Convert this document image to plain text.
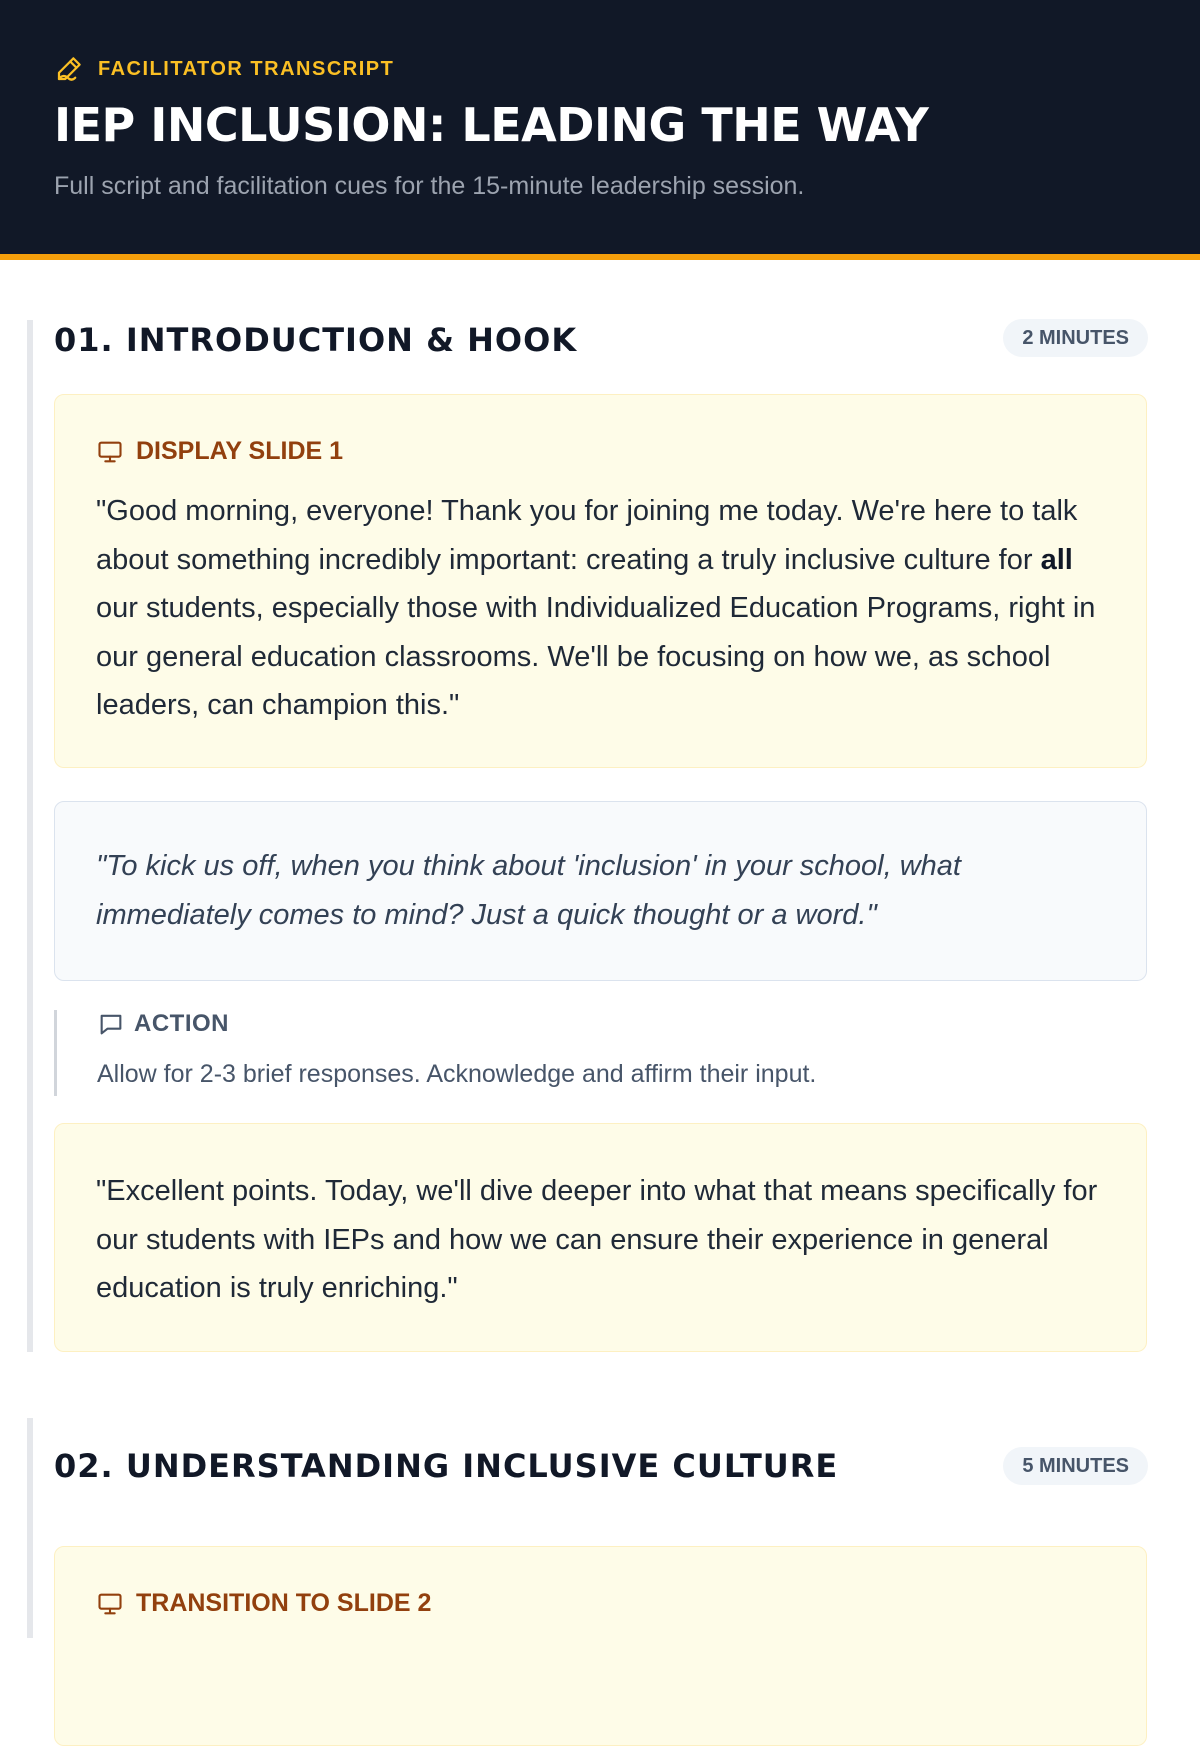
FACILITATOR TRANSCRIPT
IEP INCLUSION: LEADING THE WAY

Full script and facilitation cues for the 15-minute leadership session.

01. INTRODUCTION & HOOK	2 MINUTES
DISPLAY SLIDE 1

"Good morning, everyone! Thank you for joining me today. We're here to talk about something incredibly important: creating a truly inclusive culture for all our students, especially those with Individualized Education Programs, right in our general education classrooms. We'll be focusing on how we, as school leaders, can champion this."

"To kick us off, when you think about 'inclusion' in your school, what immediately comes to mind? Just a quick thought or a word."

ACTION

Allow for 2-3 brief responses. Acknowledge and affirm their input.

"Excellent points. Today, we'll dive deeper into what that means specifically for our students with IEPs and how we can ensure their experience in general education is truly enriching."

02. UNDERSTANDING INCLUSIVE CULTURE	5 MINUTES
TRANSITION TO SLIDE 2
